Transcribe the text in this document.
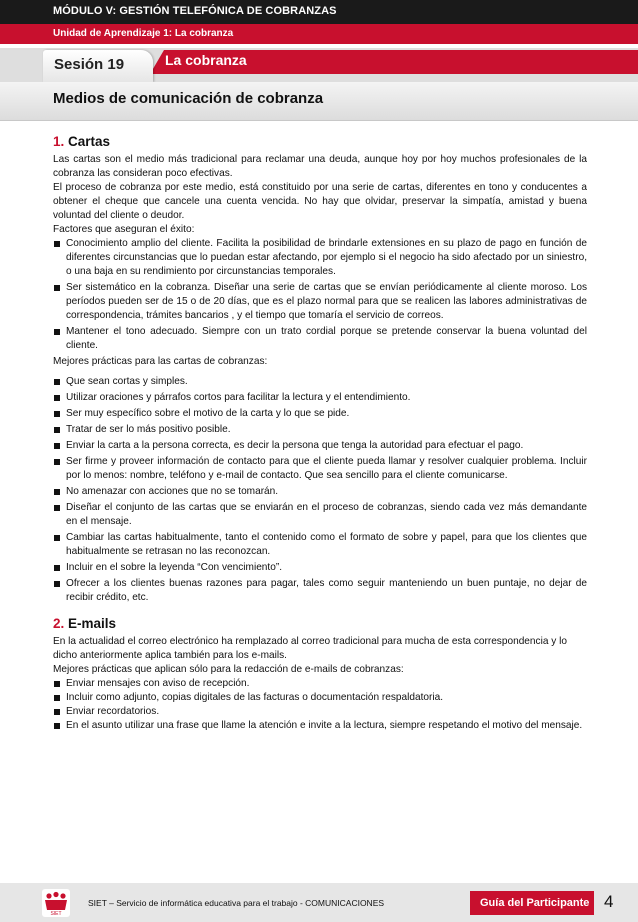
MÓDULO V: GESTIÓN TELEFÓNICA DE COBRANZAS
Unidad de Aprendizaje 1: La cobranza
La cobranza
Sesión 19
Medios de comunicación de cobranza
1. Cartas

Las cartas son el medio más tradicional para reclamar una deuda, aunque hoy por hoy muchos profesionales de la cobranza las consideran poco efectivas.

El proceso de cobranza por este medio, está constituido por una serie de cartas, diferentes en tono y conducentes a obtener el cheque que cancele una cuenta vencida. No hay que olvidar, preservar la simpatía, amistad y buena voluntad del cliente o deudor.

Factores que aseguran el éxito:

Conocimiento amplio del cliente. Facilita la posibilidad de brindarle extensiones en su plazo de pago en función de diferentes circunstancias que lo puedan estar afectando, por ejemplo si el negocio ha sido afectado por un siniestro, o una baja en su rendimiento por circunstancias temporales.
Ser sistemático en la cobranza. Diseñar una serie de cartas que se envían periódicamente al cliente moroso. Los períodos pueden ser de 15 o de 20 días, que es el plazo normal para que se realicen las labores administrativas de correspondencia, trámites bancarios , y el tiempo que tomaría el servicio de correos.
Mantener el tono adecuado. Siempre con un trato cordial porque se pretende conservar la buena voluntad del cliente.

Mejores prácticas para las cartas de cobranzas:

Que sean cortas y simples.
Utilizar oraciones y párrafos cortos para facilitar la lectura y el entendimiento.
Ser muy específico sobre el motivo de la carta y lo que se pide.
Tratar de ser lo más positivo posible.
Enviar la carta a la persona correcta, es decir la persona que tenga la autoridad para efectuar el pago.
Ser firme y proveer información de contacto para que el cliente pueda llamar y resolver cualquier problema. Incluir por lo menos: nombre, teléfono y e-mail de contacto. Que sea sencillo para el cliente comunicarse.
No amenazar con acciones que no se tomarán.
Diseñar el conjunto de las cartas que se enviarán en el proceso de cobranzas, siendo cada vez más demandante en el mensaje.
Cambiar las cartas habitualmente, tanto el contenido como el formato de sobre y papel, para que los clientes que habitualmente se retrasan no las reconozcan.
Incluir en el sobre la leyenda “Con vencimiento”.
Ofrecer a los clientes buenas razones para pagar, tales como seguir manteniendo un buen puntaje, no dejar de recibir crédito, etc.
2. E-mails

En la actualidad el correo electrónico ha remplazado al correo tradicional para mucha de esta correspondencia y lo dicho anteriormente aplica también para los e-mails.

Mejores prácticas que aplican sólo para la redacción de e-mails de cobranzas:

Enviar mensajes con aviso de recepción.
Incluir como adjunto, copias digitales de las facturas o documentación respaldatoria.
Enviar recordatorios.
En el asunto utilizar una frase que llame la atención e invite a la lectura, siempre respetando el motivo del mensaje.
SIET
SIET – Servicio de informática educativa para el trabajo - COMUNICACIONES	Guía del Participante 4
